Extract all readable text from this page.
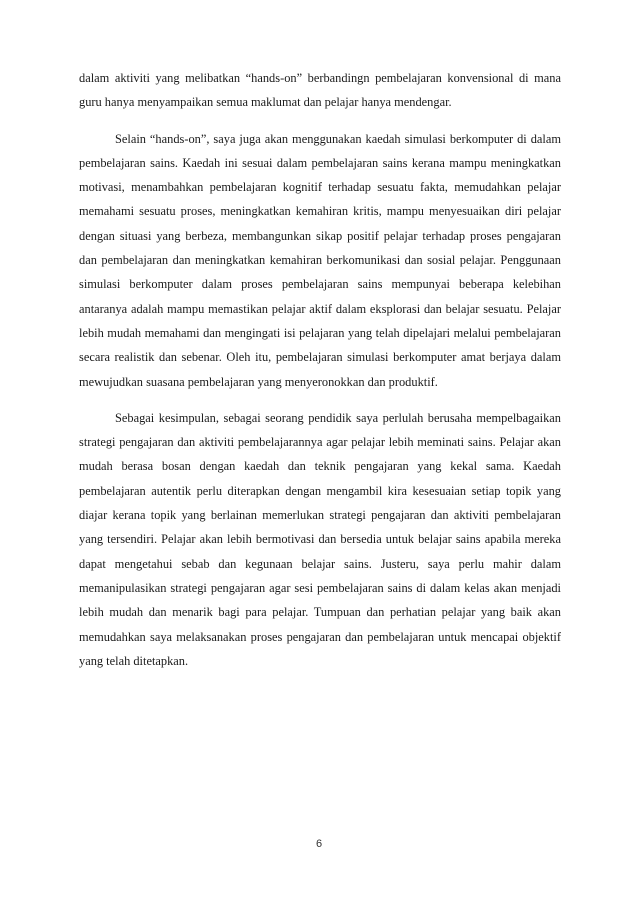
dalam aktiviti yang melibatkan “hands-on” berbandingn pembelajaran konvensional di mana guru hanya menyampaikan semua maklumat dan pelajar hanya mendengar.

Selain “hands-on”, saya juga akan menggunakan kaedah simulasi berkomputer di dalam pembelajaran sains. Kaedah ini sesuai dalam pembelajaran sains kerana mampu meningkatkan motivasi, menambahkan pembelajaran kognitif terhadap sesuatu fakta, memudahkan pelajar memahami sesuatu proses, meningkatkan kemahiran kritis, mampu menyesuaikan diri pelajar dengan situasi yang berbeza, membangunkan sikap positif pelajar terhadap proses pengajaran dan pembelajaran dan meningkatkan kemahiran berkomunikasi dan sosial pelajar. Penggunaan simulasi berkomputer dalam proses pembelajaran sains mempunyai beberapa kelebihan antaranya adalah mampu memastikan pelajar aktif dalam eksplorasi dan belajar sesuatu. Pelajar lebih mudah memahami dan mengingati isi pelajaran yang telah dipelajari melalui pembelajaran secara realistik dan sebenar. Oleh itu, pembelajaran simulasi berkomputer amat berjaya dalam mewujudkan suasana pembelajaran yang menyeronokkan dan produktif.

Sebagai kesimpulan, sebagai seorang pendidik saya perlulah berusaha mempelbagaikan strategi pengajaran dan aktiviti pembelajarannya agar pelajar lebih meminati sains. Pelajar akan mudah berasa bosan dengan kaedah dan teknik pengajaran yang kekal sama. Kaedah pembelajaran autentik perlu diterapkan dengan mengambil kira kesesuaian setiap topik yang diajar kerana topik yang berlainan memerlukan strategi pengajaran dan aktiviti pembelajaran yang tersendiri. Pelajar akan lebih bermotivasi dan bersedia untuk belajar sains apabila mereka dapat mengetahui sebab dan kegunaan belajar sains. Justeru, saya perlu mahir dalam memanipulasikan strategi pengajaran agar sesi pembelajaran sains di dalam kelas akan menjadi lebih mudah dan menarik bagi para pelajar. Tumpuan dan perhatian pelajar yang baik akan memudahkan saya melaksanakan proses pengajaran dan pembelajaran untuk mencapai objektif yang telah ditetapkan.

6
